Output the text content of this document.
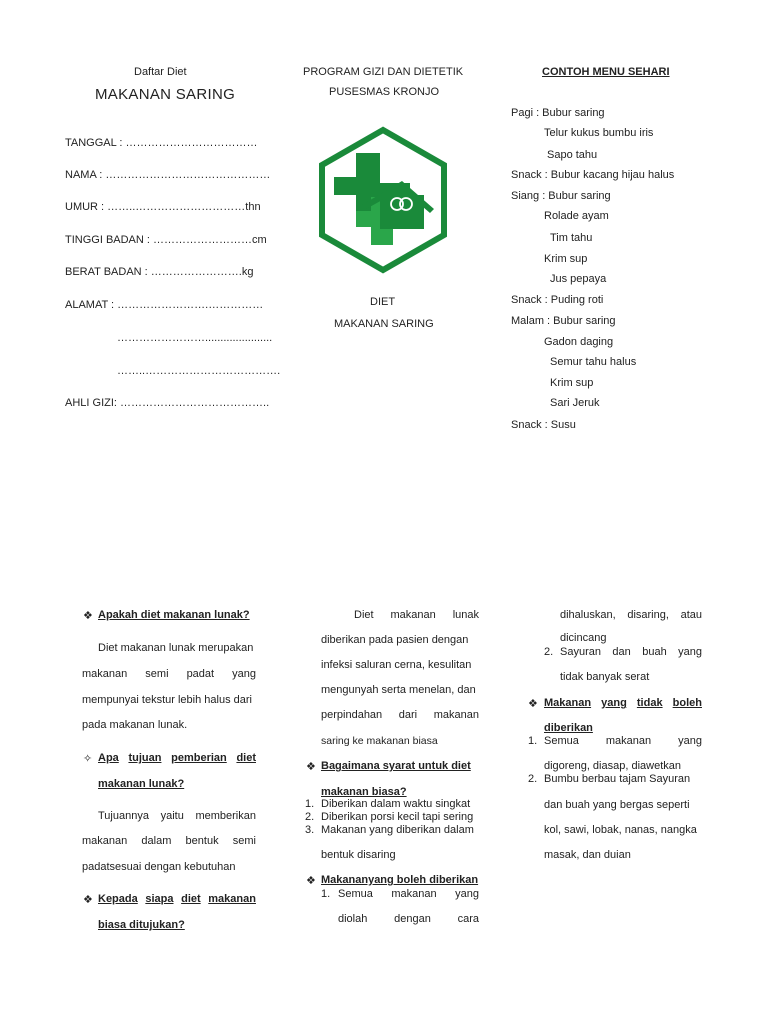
Daftar Diet
MAKANAN SARING
TANGGAL : ………………………………
NAMA : ………………………………………
UMUR : ……..…………………………thn
TINGGI BADAN : ………………………cm
BERAT BADAN : …………………….kg
ALAMAT : …………………….……………
……………………......................
……..……………………………….
AHLI GIZI: …………………………………..
PROGRAM GIZI DAN DIETETIK
PUSESMAS KRONJO
DIET
MAKANAN SARING
CONTOH MENU SEHARI
Pagi : Bubur saring
Telur kukus bumbu iris
Sapo tahu
Snack : Bubur kacang hijau halus
Siang : Bubur saring
Rolade ayam
Tim tahu
Krim sup
Jus pepaya
Snack : Puding roti
Malam : Bubur saring
Gadon daging
Semur tahu halus
Krim sup
Sari Jeruk
Snack : Susu
❖ Apakah diet makanan lunak?
Diet makanan lunak merupakan
makanan semi padat yang
mempunyai tekstur lebih halus dari
pada makanan lunak.
✧ Apa tujuan pemberian diet
makanan lunak?
Tujuannya yaitu memberikan
makanan dalam bentuk semi
padatsesuai dengan kebutuhan
❖ Kepada siapa diet makanan
biasa ditujukan?
Diet makanan lunak
diberikan pada pasien dengan
infeksi saluran cerna, kesulitan
mengunyah serta menelan, dan
perpindahan dari makanan
saring ke makanan biasa
❖ Bagaimana syarat untuk diet
makanan biasa?
1. Diberikan dalam waktu singkat
2. Diberikan porsi kecil tapi sering
3. Makanan yang diberikan dalam
bentuk disaring
❖ Makananyang boleh diberikan
1. Semua makanan yang
diolah dengan cara
dihaluskan, disaring, atau
dicincang
2. Sayuran dan buah yang
tidak banyak serat
❖ Makanan yang tidak boleh
diberikan
1. Semua makanan yang
digoreng, diasap, diawetkan
2. Bumbu berbau tajam Sayuran
dan buah yang bergas seperti
kol, sawi, lobak, nanas, nangka
masak, dan duian
